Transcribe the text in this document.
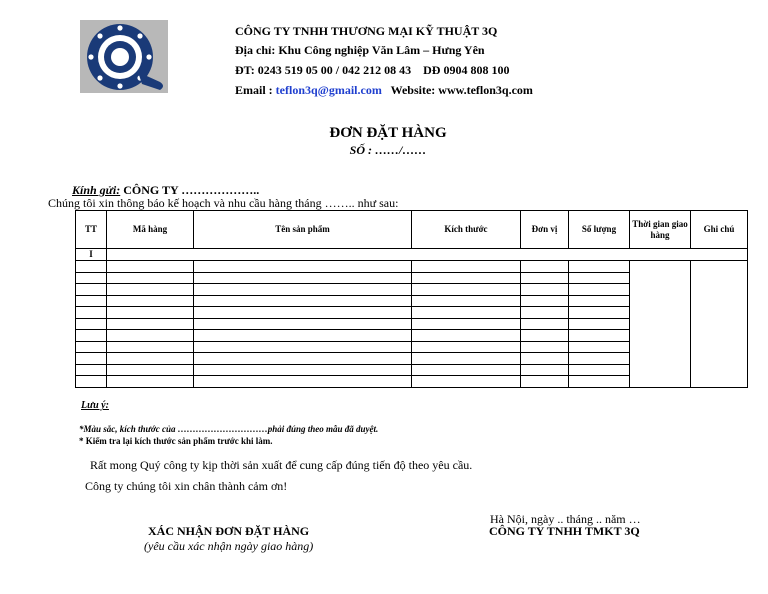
CÔNG TY TNHH THƯƠNG MẠI KỸ THUẬT 3Q
Địa chỉ: Khu Công nghiệp Văn Lâm – Hưng Yên
ĐT: 0243 519 05 00 / 042 212 08 43    DĐ 0904 808 100
Email : teflon3q@gmail.com   Website: www.teflon3q.com
ĐƠN ĐẶT HÀNG
SỐ : ……/……
Kính gửi: CÔNG TY ………………..
Chúng tôi xin thông báo kế hoạch và nhu cầu hàng tháng …….. như sau:
TT	Mã hàng	Tên sản phẩm	Kích thước	Đơn vị	Số lượng	Thời gian giao hàng	Ghi chú
I							

Lưu ý:
*Màu sắc, kích thước của …………………………phải đúng theo mẫu đã duyệt.
* Kiểm tra lại kích thước sản phẩm trước khi làm.
Rất mong Quý công ty kịp thời sản xuất để cung cấp đúng tiến độ theo yêu cầu.
Công ty chúng tôi xin chân thành cảm ơn!
XÁC NHẬN ĐƠN ĐẶT HÀNG
(yêu cầu xác nhận ngày giao hàng)
Hà Nội, ngày .. tháng .. năm …
CÔNG TY TNHH TMKT 3Q
